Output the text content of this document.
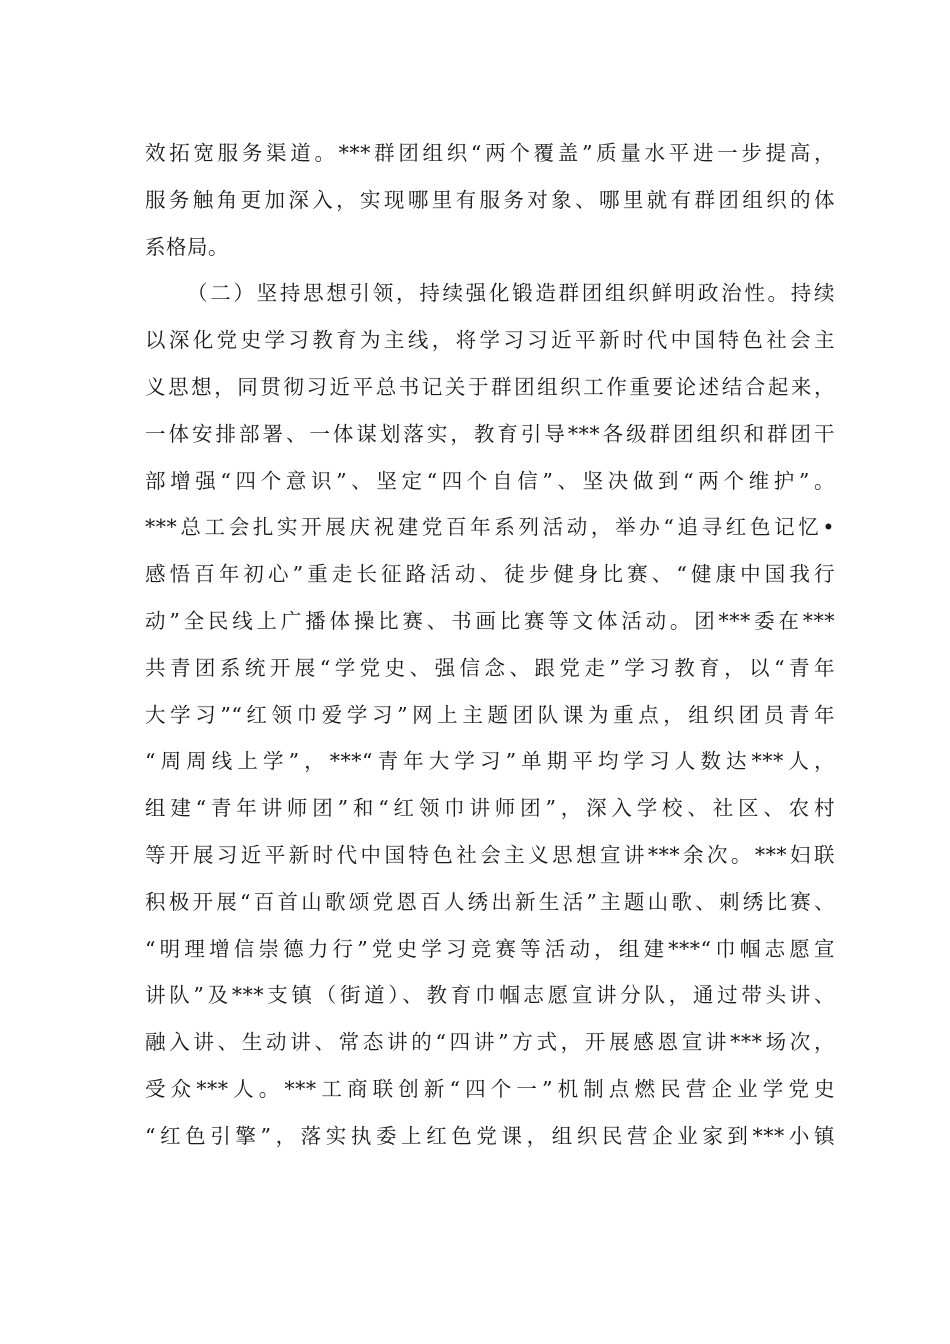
效拓宽服务渠道。***群团组织“两个覆盖”质量水平进一步提高，
服务触角更加深入，实现哪里有服务对象、哪里就有群团组织的体
系格局。
（二）坚持思想引领，持续强化锻造群团组织鲜明政治性。持续
以深化党史学习教育为主线，将学习习近平新时代中国特色社会主
义思想，同贯彻习近平总书记关于群团组织工作重要论述结合起来，
一体安排部署、一体谋划落实，教育引导***各级群团组织和群团干
部增强“四个意识”、坚定“四个自信”、坚决做到“两个维护”。
***总工会扎实开展庆祝建党百年系列活动，举办“追寻红色记忆•
感悟百年初心”重走长征路活动、徒步健身比赛、“健康中国我行
动”全民线上广播体操比赛、书画比赛等文体活动。团***委在***
共青团系统开展“学党史、强信念、跟党走”学习教育，以“青年
大学习”“红领巾爱学习”网上主题团队课为重点，组织团员青年
“周周线上学”，***“青年大学习”单期平均学习人数达***人，
组建“青年讲师团”和“红领巾讲师团”，深入学校、社区、农村
等开展习近平新时代中国特色社会主义思想宣讲***余次。***妇联
积极开展“百首山歌颂党恩百人绣出新生活”主题山歌、刺绣比赛、
“明理增信崇德力行”党史学习竞赛等活动，组建***“巾帼志愿宣
讲队”及***支镇（街道）、教育巾帼志愿宣讲分队，通过带头讲、
融入讲、生动讲、常态讲的“四讲”方式，开展感恩宣讲***场次，
受众***人。***工商联创新“四个一”机制点燃民营企业学党史
“红色引擎”，落实执委上红色党课，组织民营企业家到***小镇
